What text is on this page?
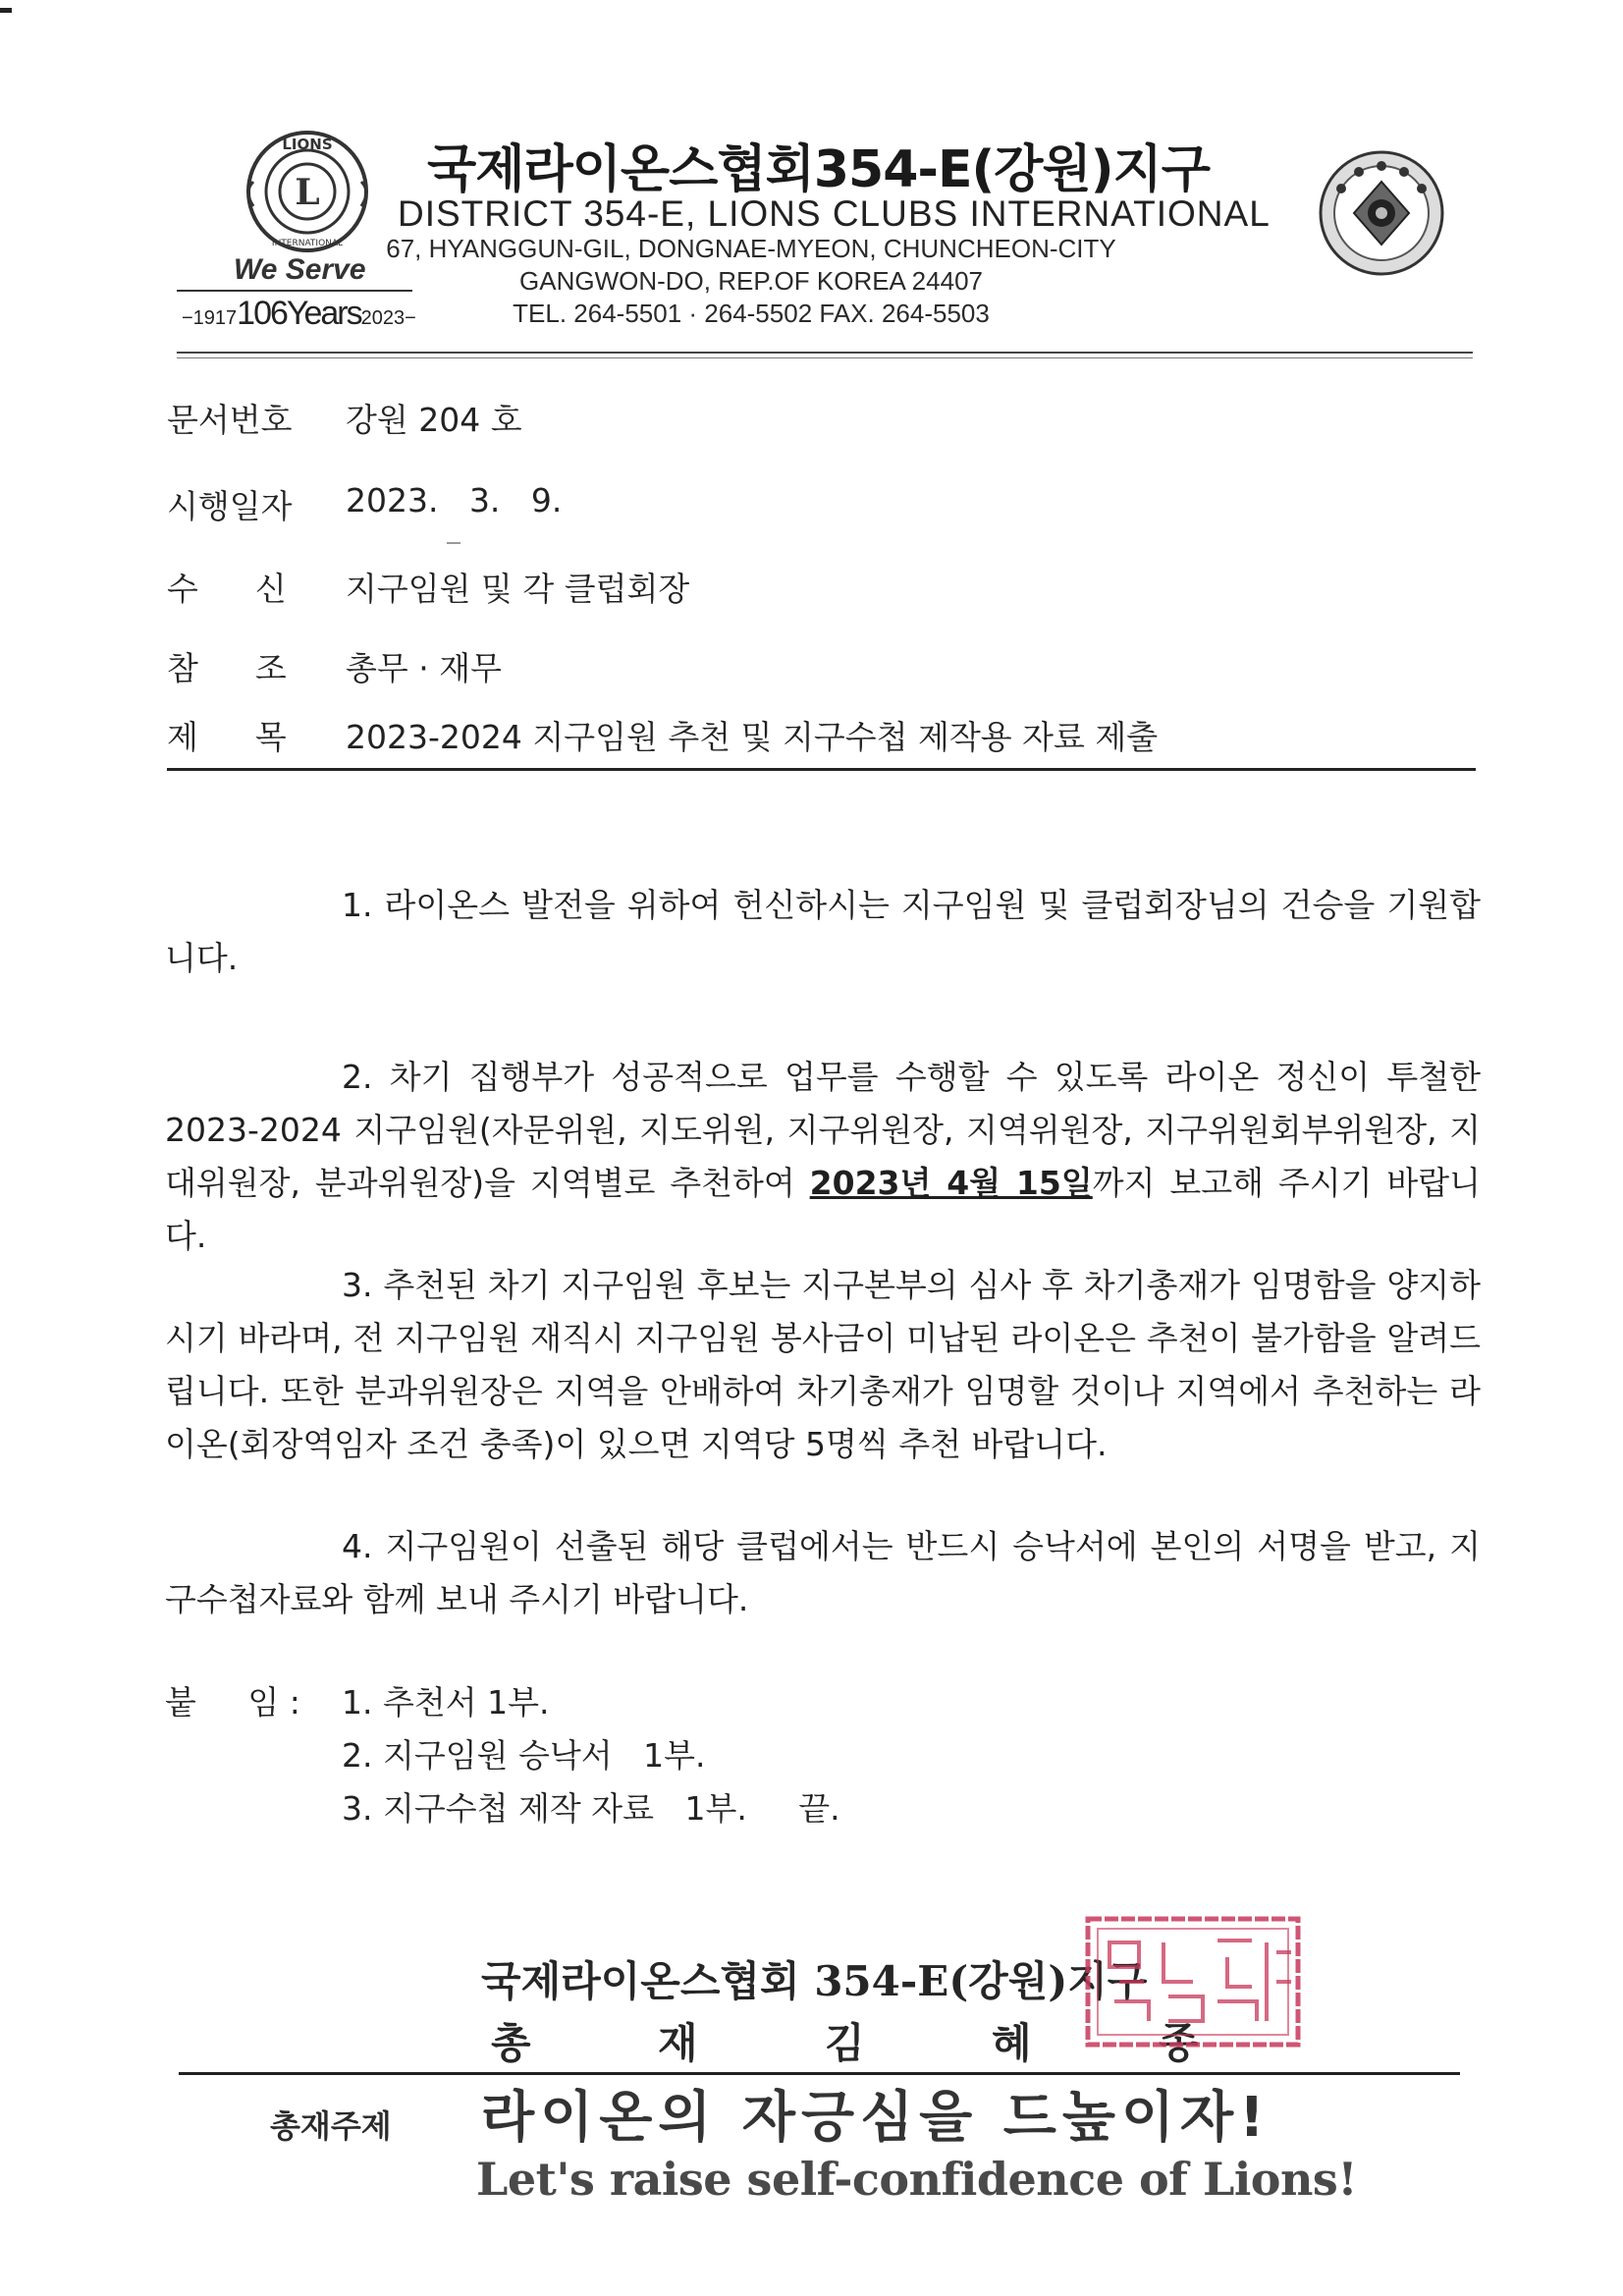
L
LIONS
INTERNATIONAL
We Serve
−1917106Years2023−
국제라이온스협회354-E(강원)지구
DISTRICT 354-E, LIONS CLUBS INTERNATIONAL
67, HYANGGUN-GIL, DONGNAE-MYEON, CHUNCHEON-CITY
GANGWON-DO, REP.OF KOREA 24407
TEL. 264-5501 · 264-5502 FAX. 264-5503
문서번호 강원 204 호
시행일자 2023.   3.   9.
수신 지구임원 및 각 클럽회장
참조 총무 · 재무
제목 2023-2024 지구임원 추천 및 지구수첩 제작용 자료 제출
1. 라이온스 발전을 위하여 헌신하시는 지구임원 및 클럽회장님의 건승을 기원합니다.
2. 차기 집행부가 성공적으로 업무를 수행할 수 있도록 라이온 정신이 투철한 2023-2024 지구임원(자문위원, 지도위원, 지구위원장, 지역위원장, 지구위원회부위원장, 지대위원장, 분과위원장)을 지역별로 추천하여 2023년 4월 15일까지 보고해 주시기 바랍니다.
3. 추천된 차기 지구임원 후보는 지구본부의 심사 후 차기총재가 임명함을 양지하시기 바라며, 전 지구임원 재직시 지구임원 봉사금이 미납된 라이온은 추천이 불가함을 알려드립니다. 또한 분과위원장은 지역을 안배하여 차기총재가 임명할 것이나 지역에서 추천하는 라이온(회장역임자 조건 충족)이 있으면 지역당 5명씩 추천 바랍니다.
4. 지구임원이 선출된 해당 클럽에서는 반드시 승낙서에 본인의 서명을 받고, 지구수첩자료와 함께 보내 주시기 바랍니다.
붙     임 : 1. 추천서 1부.
2. 지구임원 승낙서   1부.
3. 지구수첩 제작 자료   1부.     끝.
국제라이온스협회 354-E(강원)지구
총	재	김	혜	종
총재주제 라이온의 자긍심을 드높이자!
Let's raise self-confidence of Lions!
